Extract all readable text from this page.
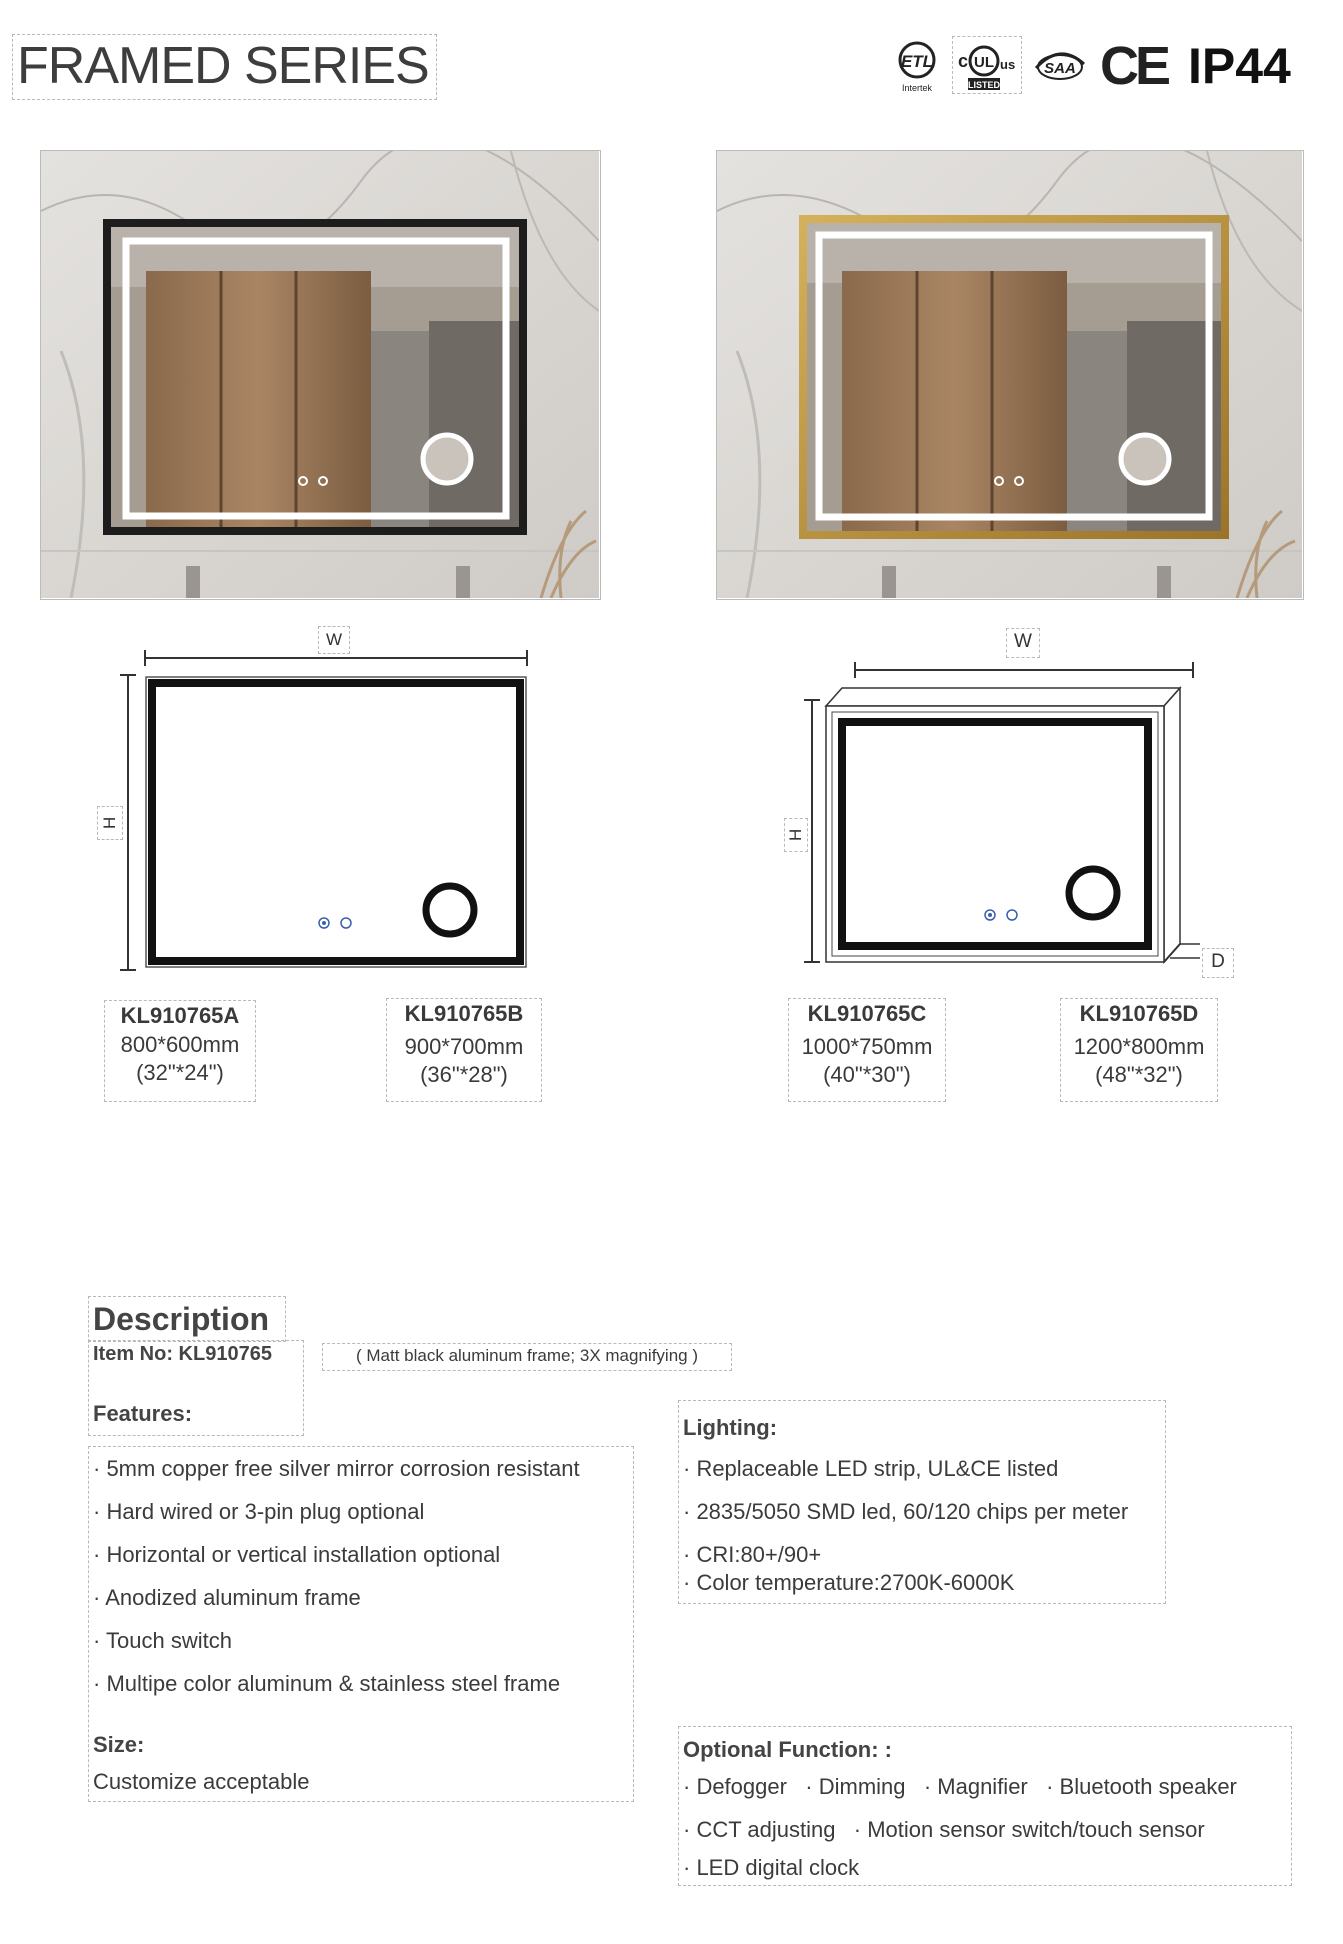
FRAMED SERIES	ETL
Intertek
c UL us
LISTED
SAA CE IP44
W
H
W
H
D
KL910765A
800*600mm
(32"*24")
KL910765B
900*700mm
(36"*28")
KL910765C
1000*750mm
(40"*30")
KL910765D
1200*800mm
(48"*32")
Description
Item No: KL910765
Features:
( Matt black aluminum frame; 3X magnifying )
· 5mm copper free silver mirror corrosion resistant
· Hard wired or 3-pin plug optional
· Horizontal or vertical installation optional
· Anodized aluminum frame
· Touch switch
· Multipe color aluminum & stainless steel frame
Size:
Customize acceptable
Lighting:
· Replaceable LED strip, UL&CE listed
· 2835/5050 SMD led, 60/120 chips per meter
· CRI:80+/90+
· Color temperature:2700K-6000K
Optional Function: :
· Defogger   · Dimming   · Magnifier   · Bluetooth speaker
· CCT adjusting   · Motion sensor switch/touch sensor
· LED digital clock
